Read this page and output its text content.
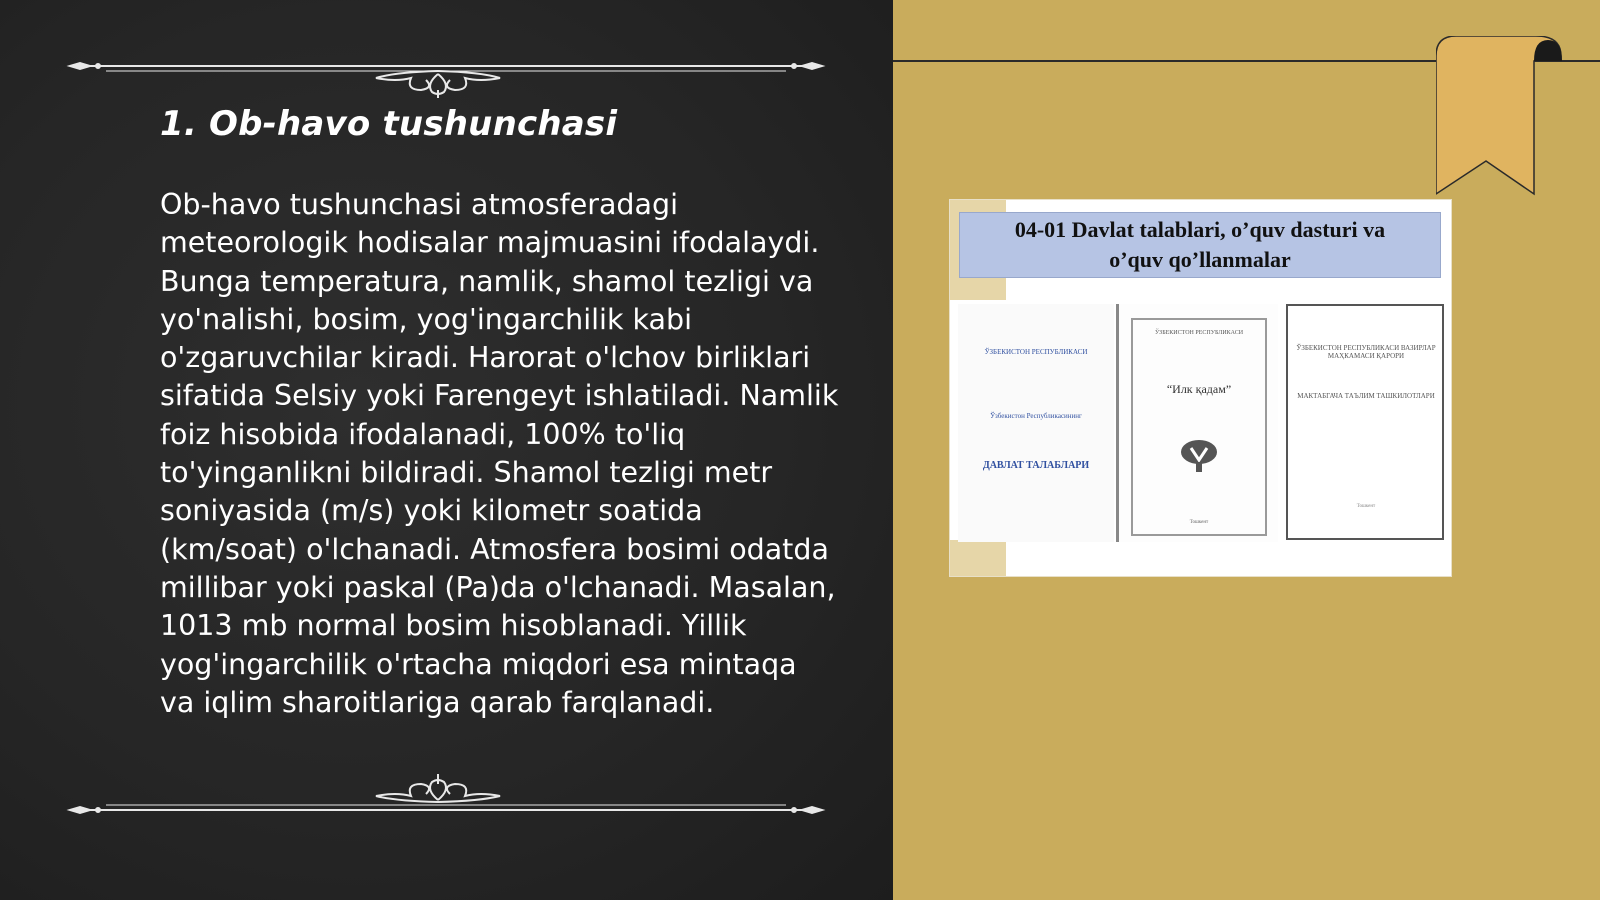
1. Ob-havo tushunchasi

Ob-havo tushunchasi atmosferadagi meteorologik hodisalar majmuasini ifodalaydi. Bunga temperatura, namlik, shamol tezligi va yo'nalishi, bosim, yog'ingarchilik kabi o'zgaruvchilar kiradi. Harorat o'lchov birliklari sifatida Selsiy yoki Farengeyt ishlatiladi. Namlik foiz hisobida ifodalanadi, 100% to'liq to'yinganlikni bildiradi. Shamol tezligi metr soniyasida (m/s) yoki kilometr soatida (km/soat) o'lchanadi. Atmosfera bosimi odatda millibar yoki paskal (Pa)da o'lchanadi. Masalan, 1013 mb normal bosim hisoblanadi. Yillik yog'ingarchilik o'rtacha miqdori esa mintaqa va iqlim sharoitlariga qarab farqlanadi.

04-01 Davlat talablari, o’quv dasturi va
o’quv qo’llanmalar
ЎЗБЕКИСТОН РЕСПУБЛИКАСИ
Ўзбекистон Республикасининг
ДАВЛАТ ТАЛАБЛАРИ
ЎЗБЕКИСТОН РЕСПУБЛИКАСИ
“Илк қадам”
Тошкент
ЎЗБЕКИСТОН РЕСПУБЛИКАСИ ВАЗИРЛАР МАҲКАМАСИ ҚАРОРИ
МАКТАБГАЧА ТАЪЛИМ ТАШКИЛОТЛАРИ
Тошкент
